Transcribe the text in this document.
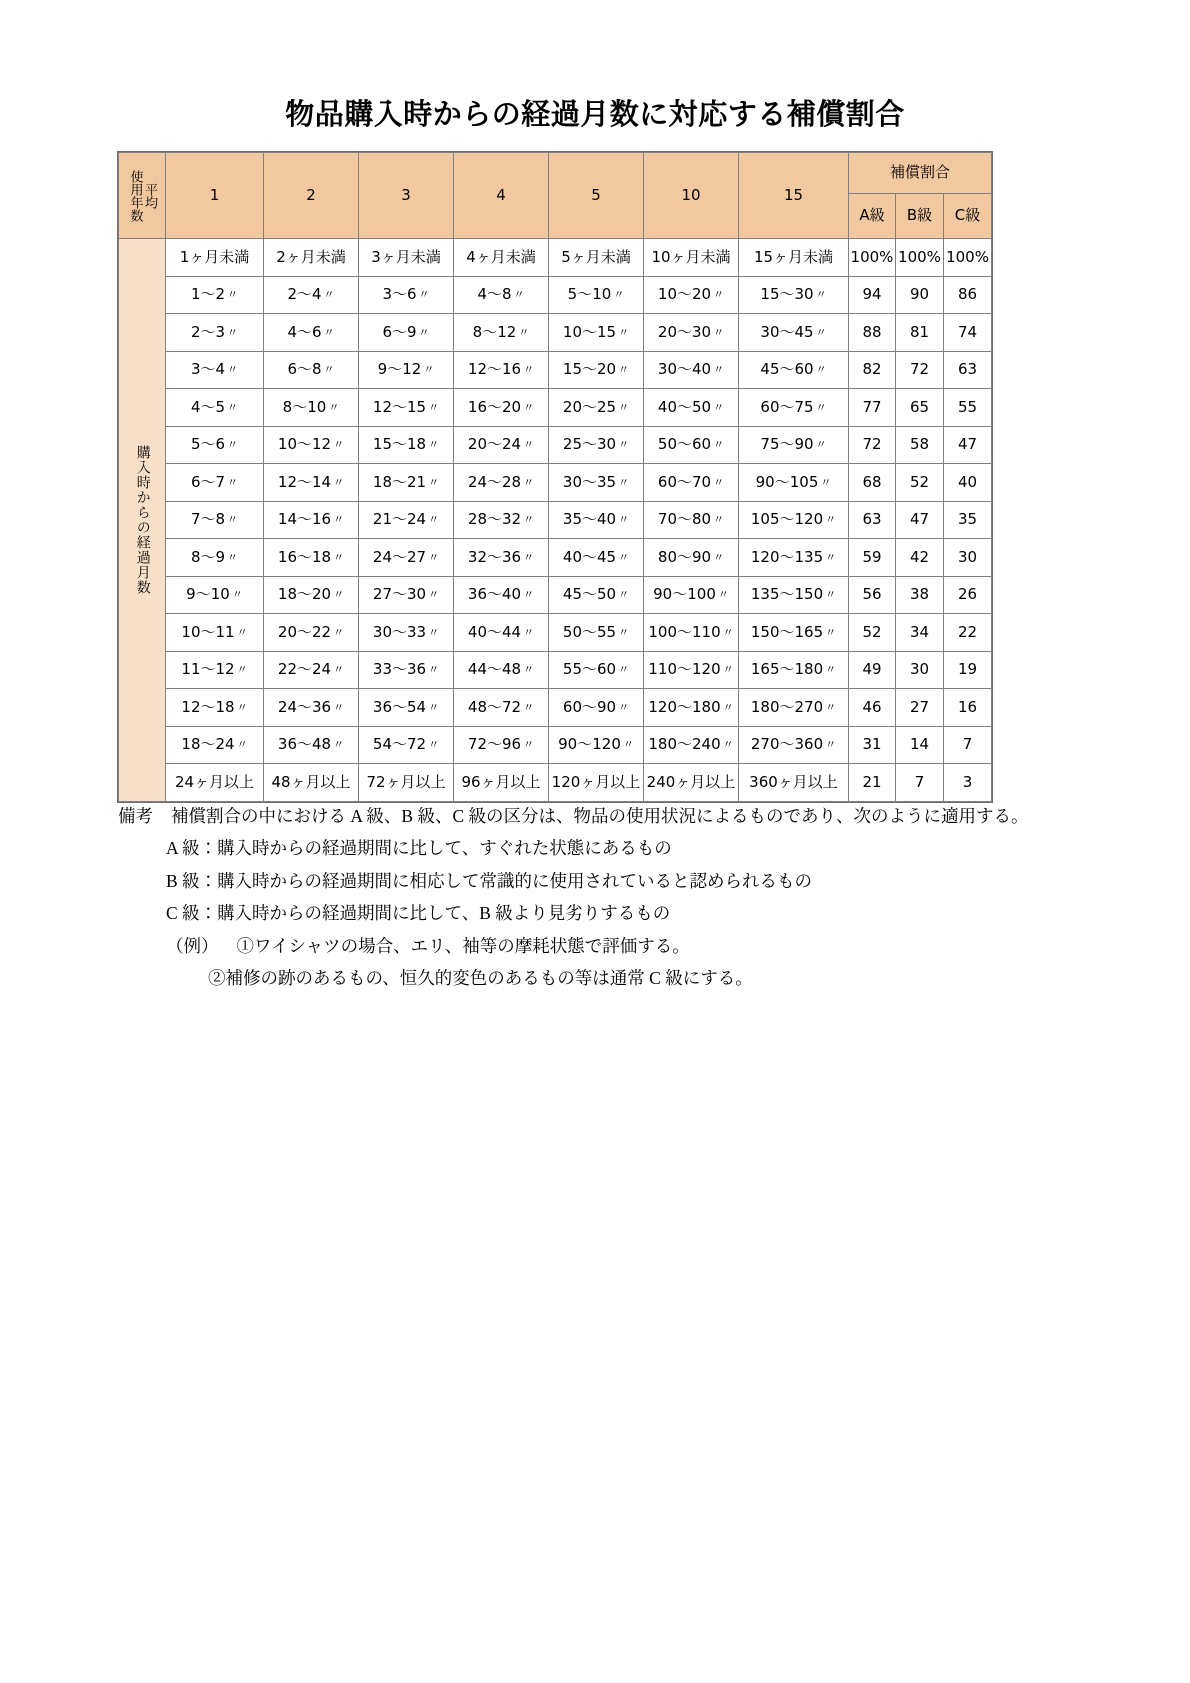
物品購入時からの経過月数に対応する補償割合
平均
使用年数	1	2	3	4	5	10	15	補償割合		
								A級	B級	C級

購入時からの経過月数	1ヶ月未満	2ヶ月未満	3ヶ月未満	4ヶ月未満	5ヶ月未満	10ヶ月未満	15ヶ月未満	100%	100%	100%
	1～2 〃	2～4 〃	3～6 〃	4～8 〃	5～10 〃	10～20 〃	15～30 〃	94	90	86
	2～3 〃	4～6 〃	6～9 〃	8～12 〃	10～15 〃	20～30 〃	30～45 〃	88	81	74
	3～4 〃	6～8 〃	9～12 〃	12～16 〃	15～20 〃	30～40 〃	45～60 〃	82	72	63
	4～5 〃	8～10 〃	12～15 〃	16～20 〃	20～25 〃	40～50 〃	60～75 〃	77	65	55
	5～6 〃	10～12 〃	15～18 〃	20～24 〃	25～30 〃	50～60 〃	75～90 〃	72	58	47
	6～7 〃	12～14 〃	18～21 〃	24～28 〃	30～35 〃	60～70 〃	90～105 〃	68	52	40
	7～8 〃	14～16 〃	21～24 〃	28～32 〃	35～40 〃	70～80 〃	105～120 〃	63	47	35
	8～9 〃	16～18 〃	24～27 〃	32～36 〃	40～45 〃	80～90 〃	120～135 〃	59	42	30
	9～10 〃	18～20 〃	27～30 〃	36～40 〃	45～50 〃	90～100 〃	135～150 〃	56	38	26
	10～11 〃	20～22 〃	30～33 〃	40～44 〃	50～55 〃	100～110 〃	150～165 〃	52	34	22
	11～12 〃	22～24 〃	33～36 〃	44～48 〃	55～60 〃	110～120 〃	165～180 〃	49	30	19
	12～18 〃	24～36 〃	36～54 〃	48～72 〃	60～90 〃	120～180 〃	180～270 〃	46	27	16
	18～24 〃	36～48 〃	54～72 〃	72～96 〃	90～120 〃	180～240 〃	270～360 〃	31	14	7
	24ヶ月以上	48ヶ月以上	72ヶ月以上	96ヶ月以上	120ヶ月以上	240ヶ月以上	360ヶ月以上	21	7	3
備考 補償割合の中における A 級、B 級、C 級の区分は、物品の使用状況によるものであり、次のように適用する。
A 級：購入時からの経過期間に比して、すぐれた状態にあるもの
B 級：購入時からの経過期間に相応して常識的に使用されていると認められるもの
C 級：購入時からの経過期間に比して、B 級より見劣りするもの
（例） ①ワイシャツの場合、エリ、袖等の摩耗状態で評価する。
②補修の跡のあるもの、恒久的変色のあるもの等は通常 C 級にする。
